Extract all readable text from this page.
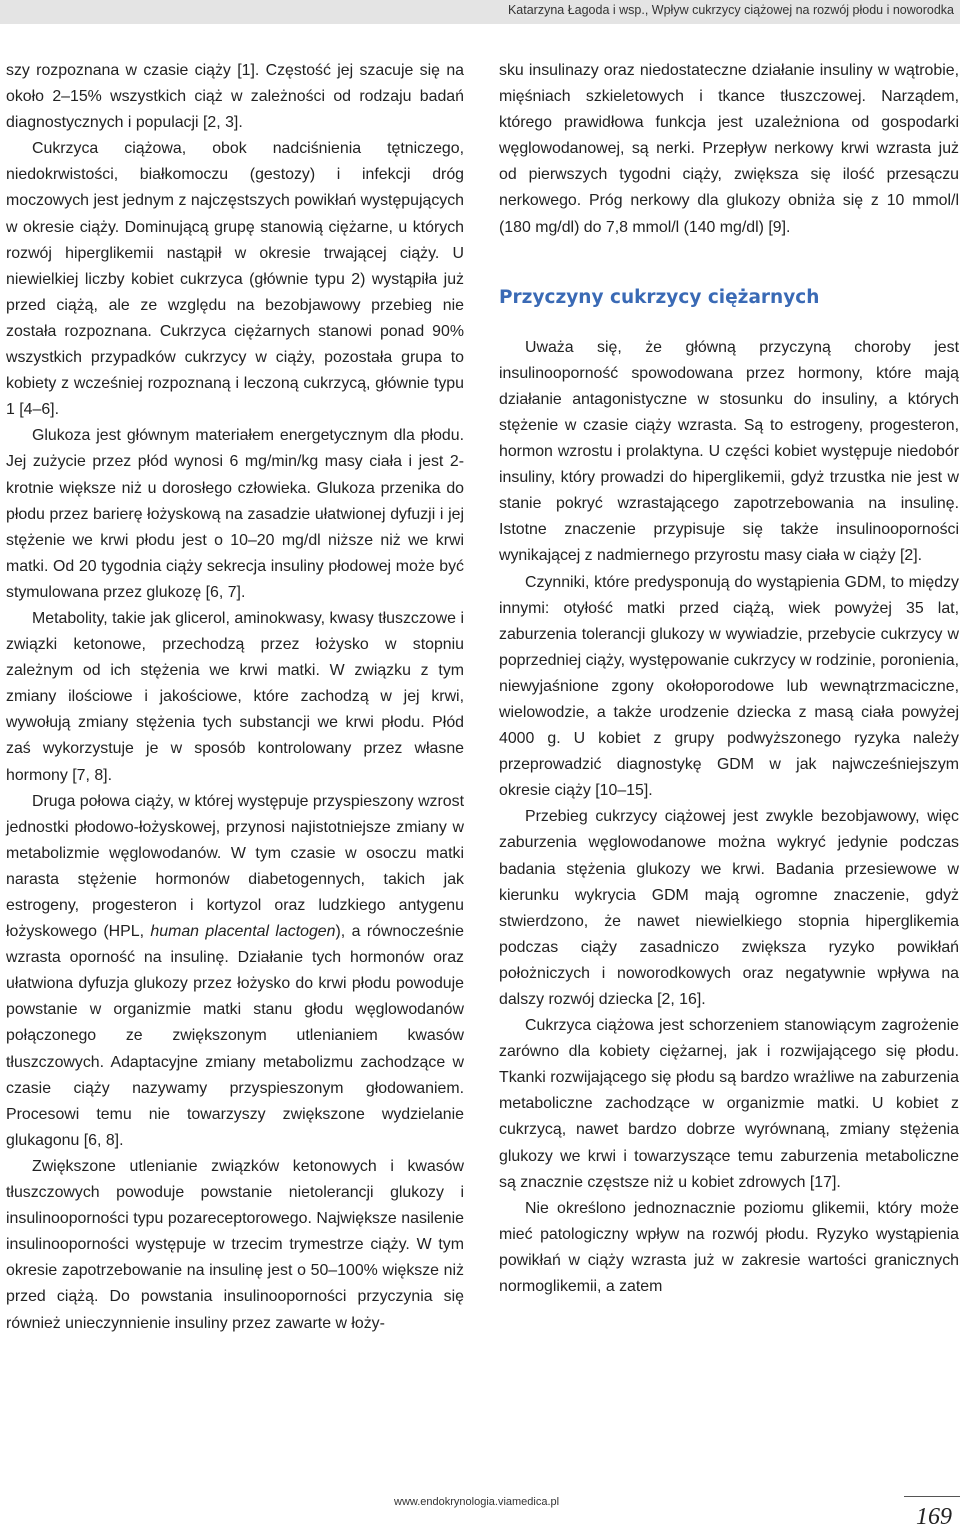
Katarzyna Łagoda i wsp., Wpływ cukrzycy ciążowej na rozwój płodu i noworodka

szy rozpoznana w czasie ciąży [1]. Częstość jej szacuje się na około 2–15% wszystkich ciąż w zależności od rodzaju badań diagnostycznych i populacji [2, 3].

Cukrzyca ciążowa, obok nadciśnienia tętniczego, niedokrwistości, białkomoczu (gestozy) i infekcji dróg moczowych jest jednym z najczęstszych powikłań występujących w okresie ciąży. Dominującą grupę stanowią ciężarne, u których rozwój hiperglikemii nastąpił w okresie trwającej ciąży. U niewielkiej liczby kobiet cukrzyca (głównie typu 2) wystąpiła już przed ciążą, ale ze względu na bezobjawowy przebieg nie została rozpoznana. Cukrzyca ciężarnych stanowi ponad 90% wszystkich przypadków cukrzycy w ciąży, pozostała grupa to kobiety z wcześniej rozpoznaną i leczoną cukrzycą, głównie typu 1 [4–6].

Glukoza jest głównym materiałem energetycznym dla płodu. Jej zużycie przez płód wynosi 6 mg/min/kg masy ciała i jest 2-krotnie większe niż u dorosłego człowieka. Glukoza przenika do płodu przez barierę łożyskową na zasadzie ułatwionej dyfuzji i jej stężenie we krwi płodu jest o 10–20 mg/dl niższe niż we krwi matki. Od 20 tygodnia ciąży sekrecja insuliny płodowej może być stymulowana przez glukozę [6, 7].

Metabolity, takie jak glicerol, aminokwasy, kwasy tłuszczowe i związki ketonowe, przechodzą przez łożysko w stopniu zależnym od ich stężenia we krwi matki. W związku z tym zmiany ilościowe i jakościowe, które zachodzą w jej krwi, wywołują zmiany stężenia tych substancji we krwi płodu. Płód zaś wykorzystuje je w sposób kontrolowany przez własne hormony [7, 8].

Druga połowa ciąży, w której występuje przyspieszony wzrost jednostki płodowo-łożyskowej, przynosi najistotniejsze zmiany w metabolizmie węglowodanów. W tym czasie w osoczu matki narasta stężenie hormonów diabetogennych, takich jak estrogeny, progesteron i kortyzol oraz ludzkiego antygenu łożyskowego (HPL, human placental lactogen), a równocześnie wzrasta oporność na insulinę. Działanie tych hormonów oraz ułatwiona dyfuzja glukozy przez łożysko do krwi płodu powoduje powstanie w organizmie matki stanu głodu węglowodanów połączonego ze zwiększonym utlenianiem kwasów tłuszczowych. Adaptacyjne zmiany metabolizmu zachodzące w czasie ciąży nazywamy przyspieszonym głodowaniem. Procesowi temu nie towarzyszy zwiększone wydzielanie glukagonu [6, 8].

Zwiększone utlenianie związków ketonowych i kwasów tłuszczowych powoduje powstanie nietolerancji glukozy i insulinooporności typu pozareceptorowego. Największe nasilenie insulinooporności występuje w trzecim trymestrze ciąży. W tym okresie zapotrzebowanie na insulinę jest o 50–100% większe niż przed ciążą. Do powstania insulinooporności przyczynia się również unieczynnienie insuliny przez zawarte w łoży-

sku insulinazy oraz niedostateczne działanie insuliny w wątrobie, mięśniach szkieletowych i tkance tłuszczowej. Narządem, którego prawidłowa funkcja jest uzależniona od gospodarki węglowodanowej, są nerki. Przepływ nerkowy krwi wzrasta już od pierwszych tygodni ciąży, zwiększa się ilość przesączu nerkowego. Próg nerkowy dla glukozy obniża się z 10 mmol/l (180 mg/dl) do 7,8 mmol/l (140 mg/dl) [9].

Przyczyny cukrzycy ciężarnych

Uważa się, że główną przyczyną choroby jest insulinooporność spowodowana przez hormony, które mają działanie antagonistyczne w stosunku do insuliny, a których stężenie w czasie ciąży wzrasta. Są to estrogeny, progesteron, hormon wzrostu i prolaktyna. U części kobiet występuje niedobór insuliny, który prowadzi do hiperglikemii, gdyż trzustka nie jest w stanie pokryć wzrastającego zapotrzebowania na insulinę. Istotne znaczenie przypisuje się także insulinooporności wynikającej z nadmiernego przyrostu masy ciała w ciąży [2].

Czynniki, które predysponują do wystąpienia GDM, to między innymi: otyłość matki przed ciążą, wiek powyżej 35 lat, zaburzenia tolerancji glukozy w wywiadzie, przebycie cukrzycy w poprzedniej ciąży, występowanie cukrzycy w rodzinie, poronienia, niewyjaśnione zgony okołoporodowe lub wewnątrzmaciczne, wielowodzie, a także urodzenie dziecka z masą ciała powyżej 4000 g. U kobiet z grupy podwyższonego ryzyka należy przeprowadzić diagnostykę GDM w jak najwcześniejszym okresie ciąży [10–15].

Przebieg cukrzycy ciążowej jest zwykle bezobjawowy, więc zaburzenia węglowodanowe można wykryć jedynie podczas badania stężenia glukozy we krwi. Badania przesiewowe w kierunku wykrycia GDM mają ogromne znaczenie, gdyż stwierdzono, że nawet niewielkiego stopnia hiperglikemia podczas ciąży zasadniczo zwiększa ryzyko powikłań położniczych i noworodkowych oraz negatywnie wpływa na dalszy rozwój dziecka [2, 16].

Cukrzyca ciążowa jest schorzeniem stanowiącym zagrożenie zarówno dla kobiety ciężarnej, jak i rozwijającego się płodu. Tkanki rozwijającego się płodu są bardzo wrażliwe na zaburzenia metaboliczne zachodzące w organizmie matki. U kobiet z cukrzycą, nawet bardzo dobrze wyrównaną, zmiany stężenia glukozy we krwi i towarzyszące temu zaburzenia metaboliczne są znacznie częstsze niż u kobiet zdrowych [17].

Nie określono jednoznacznie poziomu glikemii, który może mieć patologiczny wpływ na rozwój płodu. Ryzyko wystąpienia powikłań w ciąży wzrasta już w zakresie wartości granicznych normoglikemii, a zatem

www.endokrynologia.viamedica.pl
169
